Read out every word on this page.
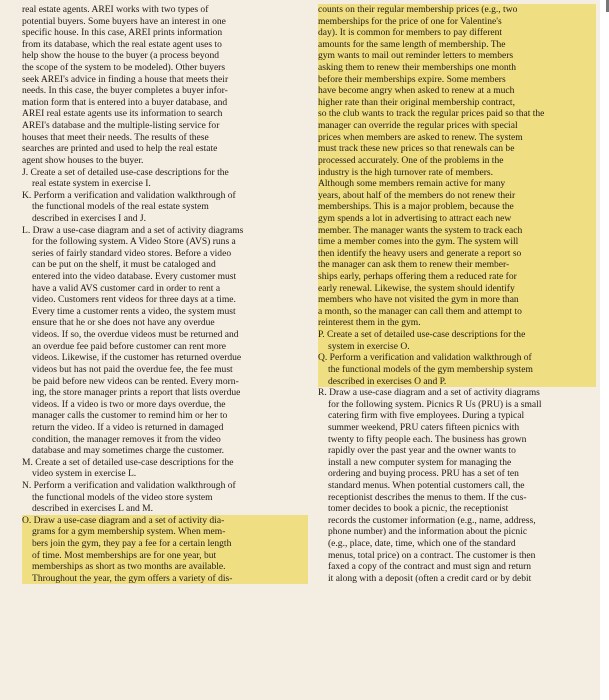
real estate agents. AREI works with two types of
potential buyers. Some buyers have an interest in one
specific house. In this case, AREI prints information
from its database, which the real estate agent uses to
help show the house to the buyer (a process beyond
the scope of the system to be modeled). Other buyers
seek AREI's advice in finding a house that meets their
needs. In this case, the buyer completes a buyer infor-
mation form that is entered into a buyer database, and
AREI real estate agents use its information to search
AREI's database and the multiple-listing service for
houses that meet their needs. The results of these
searches are printed and used to help the real estate
agent show houses to the buyer.
J. Create a set of detailed use-case descriptions for the
real estate system in exercise I.
K. Perform a verification and validation walkthrough of
the functional models of the real estate system
described in exercises I and J.
L. Draw a use-case diagram and a set of activity diagrams
for the following system. A Video Store (AVS) runs a
series of fairly standard video stores. Before a video
can be put on the shelf, it must be cataloged and
entered into the video database. Every customer must
have a valid AVS customer card in order to rent a
video. Customers rent videos for three days at a time.
Every time a customer rents a video, the system must
ensure that he or she does not have any overdue
videos. If so, the overdue videos must be returned and
an overdue fee paid before customer can rent more
videos. Likewise, if the customer has returned overdue
videos but has not paid the overdue fee, the fee must
be paid before new videos can be rented. Every morn-
ing, the store manager prints a report that lists overdue
videos. If a video is two or more days overdue, the
manager calls the customer to remind him or her to
return the video. If a video is returned in damaged
condition, the manager removes it from the video
database and may sometimes charge the customer.
M. Create a set of detailed use-case descriptions for the
video system in exercise L.
N. Perform a verification and validation walkthrough of
the functional models of the video store system
described in exercises L and M.
O. Draw a use-case diagram and a set of activity dia-
grams for a gym membership system. When mem-
bers join the gym, they pay a fee for a certain length
of time. Most memberships are for one year, but
memberships as short as two months are available.
Throughout the year, the gym offers a variety of dis-
counts on their regular membership prices (e.g., two
memberships for the price of one for Valentine's
day). It is common for members to pay different
amounts for the same length of membership. The
gym wants to mail out reminder letters to members
asking them to renew their memberships one month
before their memberships expire. Some members
have become angry when asked to renew at a much
higher rate than their original membership contract,
so the club wants to track the regular prices paid so that the
manager can override the regular prices with special
prices when members are asked to renew. The system
must track these new prices so that renewals can be
processed accurately. One of the problems in the
industry is the high turnover rate of members.
Although some members remain active for many
years, about half of the members do not renew their
memberships. This is a major problem, because the
gym spends a lot in advertising to attract each new
member. The manager wants the system to track each
time a member comes into the gym. The system will
then identify the heavy users and generate a report so
the manager can ask them to renew their member-
ships early, perhaps offering them a reduced rate for
early renewal. Likewise, the system should identify
members who have not visited the gym in more than
a month, so the manager can call them and attempt to
reinterest them in the gym.
P. Create a set of detailed use-case descriptions for the
system in exercise O.
Q. Perform a verification and validation walkthrough of
the functional models of the gym membership system
described in exercises O and P.
R. Draw a use-case diagram and a set of activity diagrams
for the following system. Picnics R Us (PRU) is a small
catering firm with five employees. During a typical
summer weekend, PRU caters fifteen picnics with
twenty to fifty people each. The business has grown
rapidly over the past year and the owner wants to
install a new computer system for managing the
ordering and buying process. PRU has a set of ten
standard menus. When potential customers call, the
receptionist describes the menus to them. If the cus-
tomer decides to book a picnic, the receptionist
records the customer information (e.g., name, address,
phone number) and the information about the picnic
(e.g., place, date, time, which one of the standard
menus, total price) on a contract. The customer is then
faxed a copy of the contract and must sign and return
it along with a deposit (often a credit card or by debit
